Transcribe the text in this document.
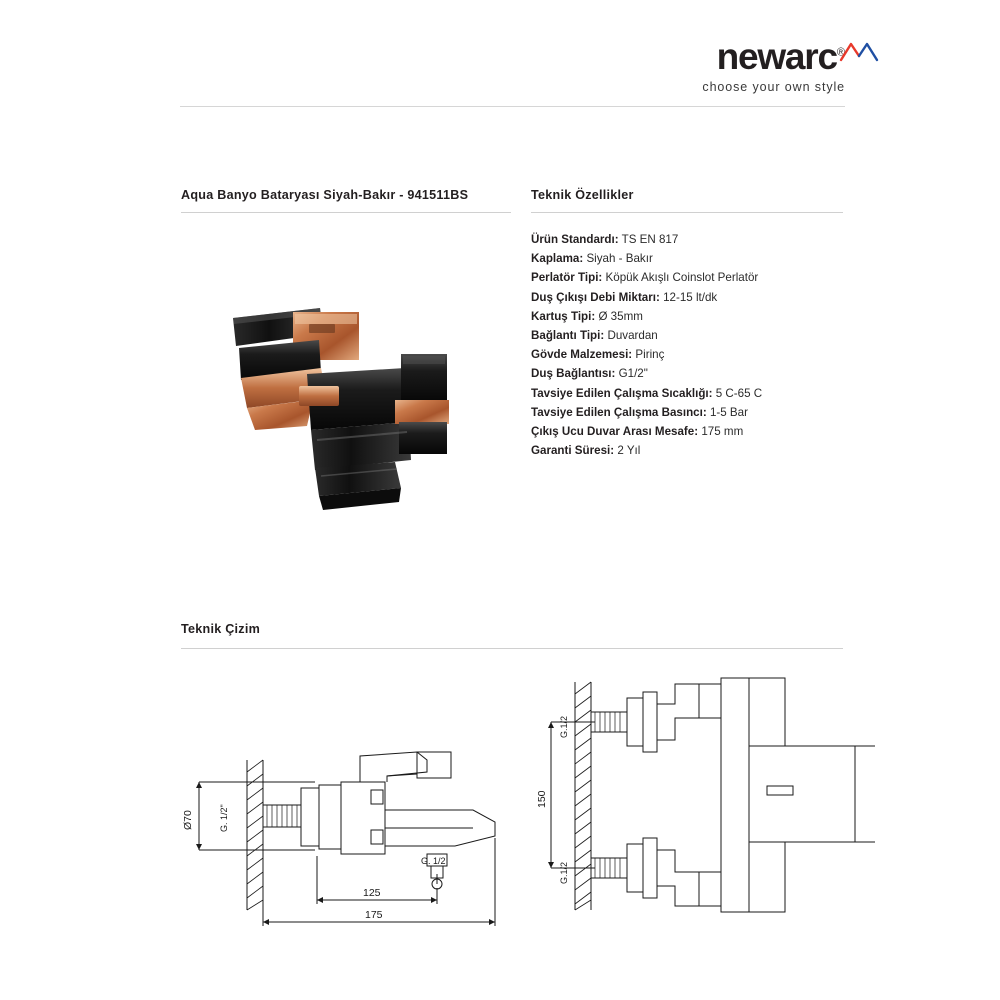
newarc®
choose your own style
Aqua Banyo Bataryası Siyah-Bakır - 941511BS	Teknik Özellikler
Ürün Standardı: TS EN 817
Kaplama: Siyah - Bakır
Perlatör Tipi: Köpük Akışlı Coinslot Perlatör
Duş Çıkışı Debi Miktarı: 12-15 lt/dk
Kartuş Tipi: Ø 35mm
Bağlantı Tipi: Duvardan
Gövde Malzemesi: Pirinç
Duş Bağlantısı: G1/2"
Tavsiye Edilen Çalışma Sıcaklığı: 5 C-65 C
Tavsiye Edilen Çalışma Basıncı: 1-5 Bar
Çıkış Ucu Duvar Arası Mesafe: 175 mm
Garanti Süresi: 2 Yıl
Teknik Çizim
Ø70	G. 1/2"
125
175
G. 1/2
150
G.1/2
G.1/2
